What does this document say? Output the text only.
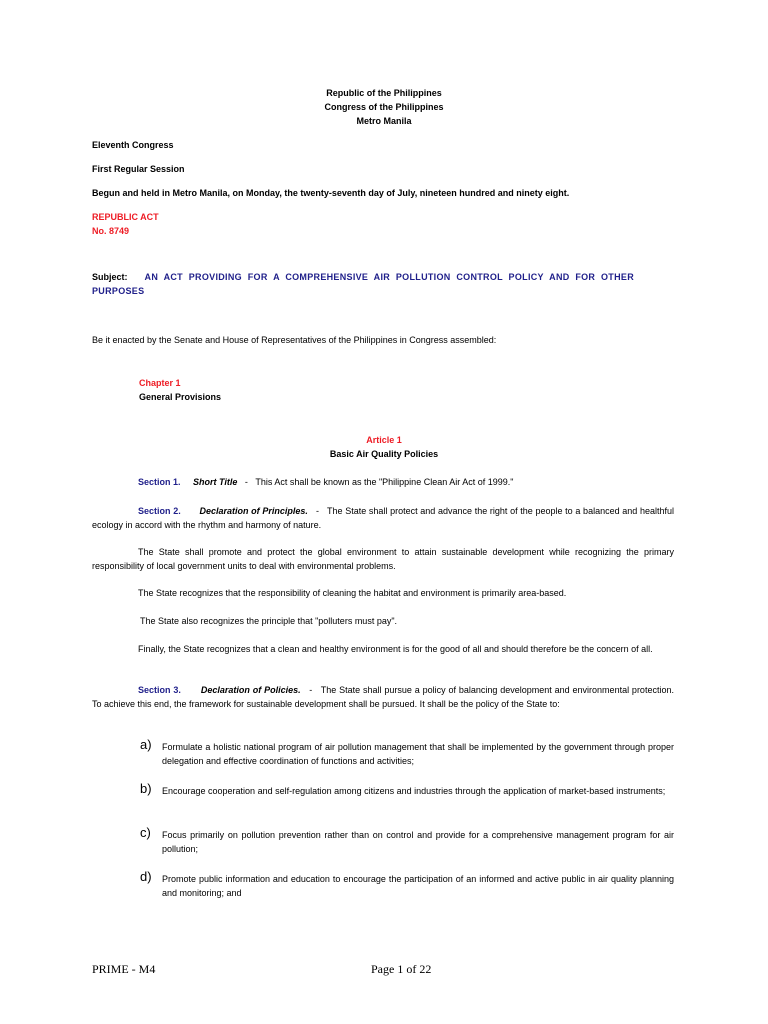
Republic of the Philippines
Congress of the Philippines
Metro Manila
Eleventh Congress
First Regular Session
Begun and held in Metro Manila, on Monday, the twenty-seventh day of July, nineteen hundred and ninety eight.
REPUBLIC ACT
No. 8749
Subject: AN ACT PROVIDING FOR A COMPREHENSIVE AIR POLLUTION CONTROL POLICY AND FOR OTHER PURPOSES
Be it enacted by the Senate and House of Representatives of the Philippines in Congress assembled:
Chapter 1
General Provisions
Article 1
Basic Air Quality Policies
Section 1. Short Title - This Act shall be known as the "Philippine Clean Air Act of 1999."
Section 2. Declaration of Principles. - The State shall protect and advance the right of the people to a balanced and healthful ecology in accord with the rhythm and harmony of nature.
The State shall promote and protect the global environment to attain sustainable development while recognizing the primary responsibility of local government units to deal with environmental problems.
The State recognizes that the responsibility of cleaning the habitat and environment is primarily area-based.
The State also recognizes the principle that "polluters must pay".
Finally, the State recognizes that a clean and healthy environment is for the good of all and should therefore be the concern of all.
Section 3. Declaration of Policies. - The State shall pursue a policy of balancing development and environmental protection. To achieve this end, the framework for sustainable development shall be pursued. It shall be the policy of the State to:
a) Formulate a holistic national program of air pollution management that shall be implemented by the government through proper delegation and effective coordination of functions and activities;
b) Encourage cooperation and self-regulation among citizens and industries through the application of market-based instruments;
c) Focus primarily on pollution prevention rather than on control and provide for a comprehensive management program for air pollution;
d) Promote public information and education to encourage the participation of an informed and active public in air quality planning and monitoring; and
PRIME - M4	Page 1 of 22
